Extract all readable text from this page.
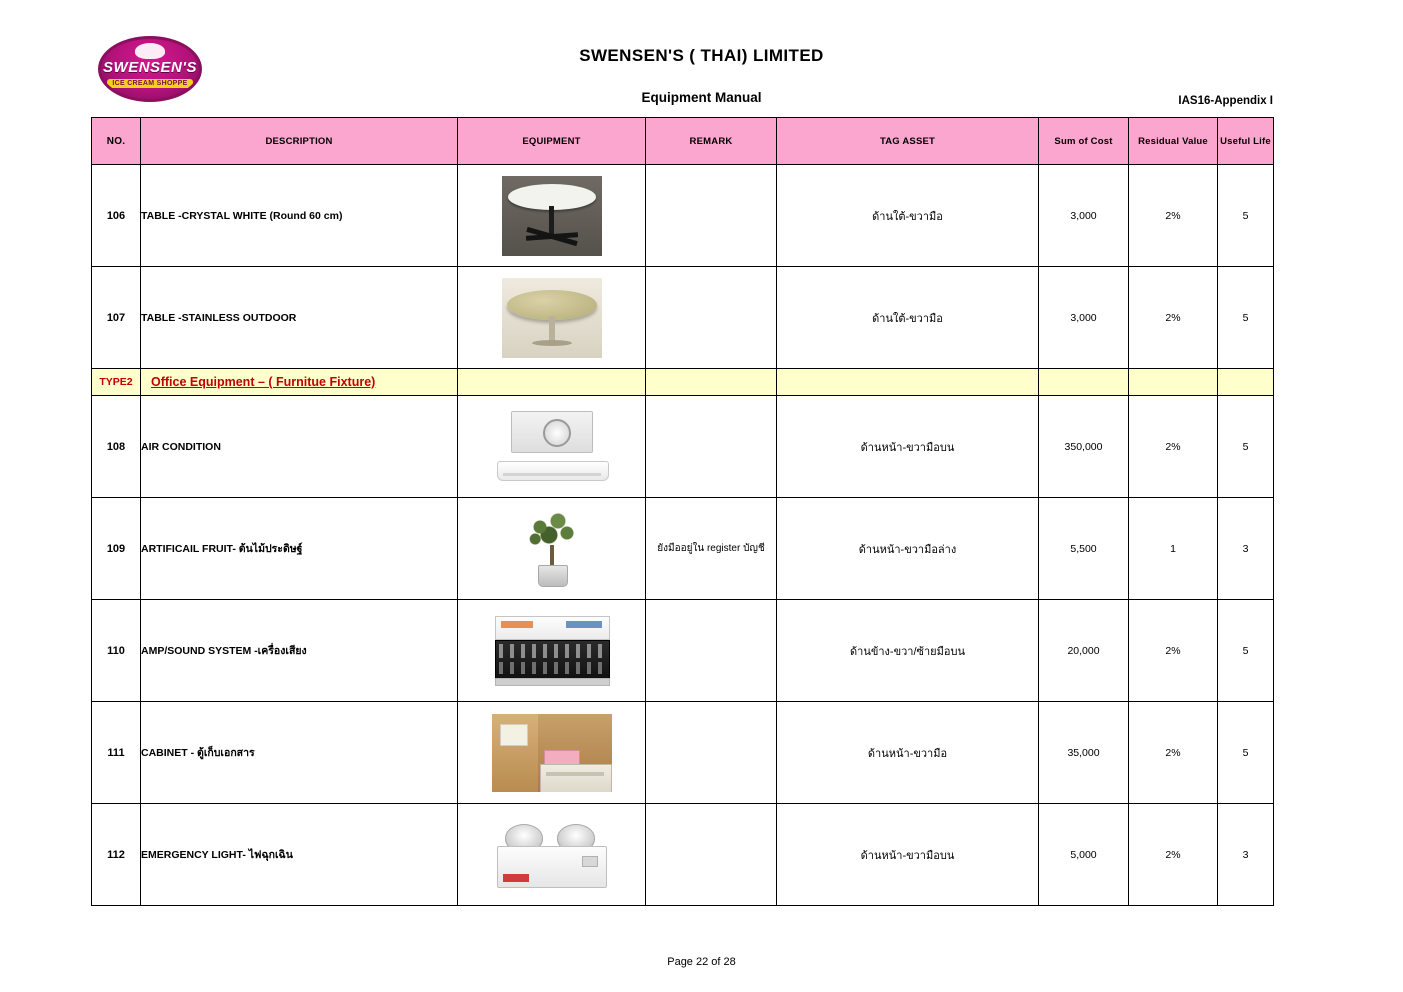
SWENSEN'S
ICE CREAM SHOPPE
SWENSEN'S ( THAI) LIMITED
Equipment Manual	IAS16-Appendix I
NO.	DESCRIPTION	EQUIPMENT	REMARK	TAG ASSET	Sum of Cost	Residual Value	Useful Life
106	TABLE -CRYSTAL WHITE (Round 60 cm)			ด้านใต้-ขวามือ	3,000	2%	5
107	TABLE -STAINLESS OUTDOOR			ด้านใต้-ขวามือ	3,000	2%	5
TYPE2	Office Equipment – ( Furnitue Fixture)						
108	AIR CONDITION			ด้านหน้า-ขวามือบน	350,000	2%	5
109	ARTIFICAIL FRUIT- ต้นไม้ประดิษฐ์		ยังมืออยู่ใน register บัญชี	ด้านหน้า-ขวามือล่าง	5,500	1	3
110	AMP/SOUND SYSTEM -เครื่องเสียง			ด้านข้าง-ขวา/ซ้ายมือบน	20,000	2%	5
111	CABINET - ตู้เก็บเอกสาร			ด้านหน้า-ขวามือ	35,000	2%	5
112	EMERGENCY LIGHT- ไฟฉุกเฉิน			ด้านหน้า-ขวามือบน	5,000	2%	3
Page 22 of 28
